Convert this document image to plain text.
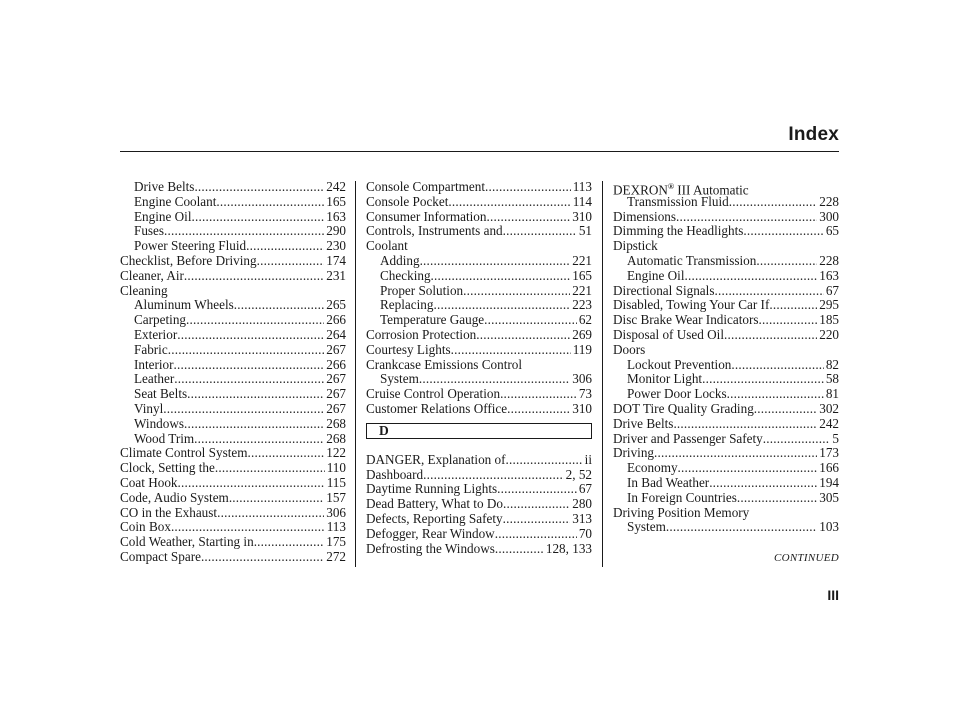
Index
Drive Belts .....	242
Engine Coolant .....	165
Engine Oil .....	163
Fuses .....	290
Power Steering Fluid .....	230
Checklist, Before Driving .....	174
Cleaner, Air .....	231
Cleaning
Aluminum Wheels .....	265
Carpeting .....	266
Exterior .....	264
Fabric .....	267
Interior .....	266
Leather .....	267
Seat Belts .....	267
Vinyl .....	267
Windows .....	268
Wood Trim .....	268
Climate Control System .....	122
Clock, Setting the .....	110
Coat Hook .....	115
Code, Audio System .....	157
CO in the Exhaust .....	306
Coin Box .....	113
Cold Weather, Starting in .....	175
Compact Spare .....	272
Console Compartment .....	113
Console Pocket .....	114
Consumer Information .....	310
Controls, Instruments and .....	51
Coolant
Adding .....	221
Checking .....	165
Proper Solution .....	221
Replacing .....	223
Temperature Gauge .....	62
Corrosion Protection .....	269
Courtesy Lights .....	119
Crankcase Emissions Control
System .....	306
Cruise Control Operation .....	73
Customer Relations Office .....	310
D
DANGER, Explanation of .....	ii
Dashboard .....	2, 52
Daytime Running Lights .....	67
Dead Battery, What to Do .....	280
Defects, Reporting Safety .....	313
Defogger, Rear Window .....	70
Defrosting the Windows .....	128, 133
DEXRON® III Automatic
Transmission Fluid .....	228
Dimensions .....	300
Dimming the Headlights .....	65
Dipstick
Automatic Transmission .....	228
Engine Oil .....	163
Directional Signals .....	67
Disabled, Towing Your Car If .....	295
Disc Brake Wear Indicators .....	185
Disposal of Used Oil .....	220
Doors
Lockout Prevention .....	82
Monitor Light .....	58
Power Door Locks .....	81
DOT Tire Quality Grading .....	302
Drive Belts .....	242
Driver and Passenger Safety .....	5
Driving .....	173
Economy .....	166
In Bad Weather .....	194
In Foreign Countries .....	305
Driving Position Memory
System .....	103
CONTINUED
III
